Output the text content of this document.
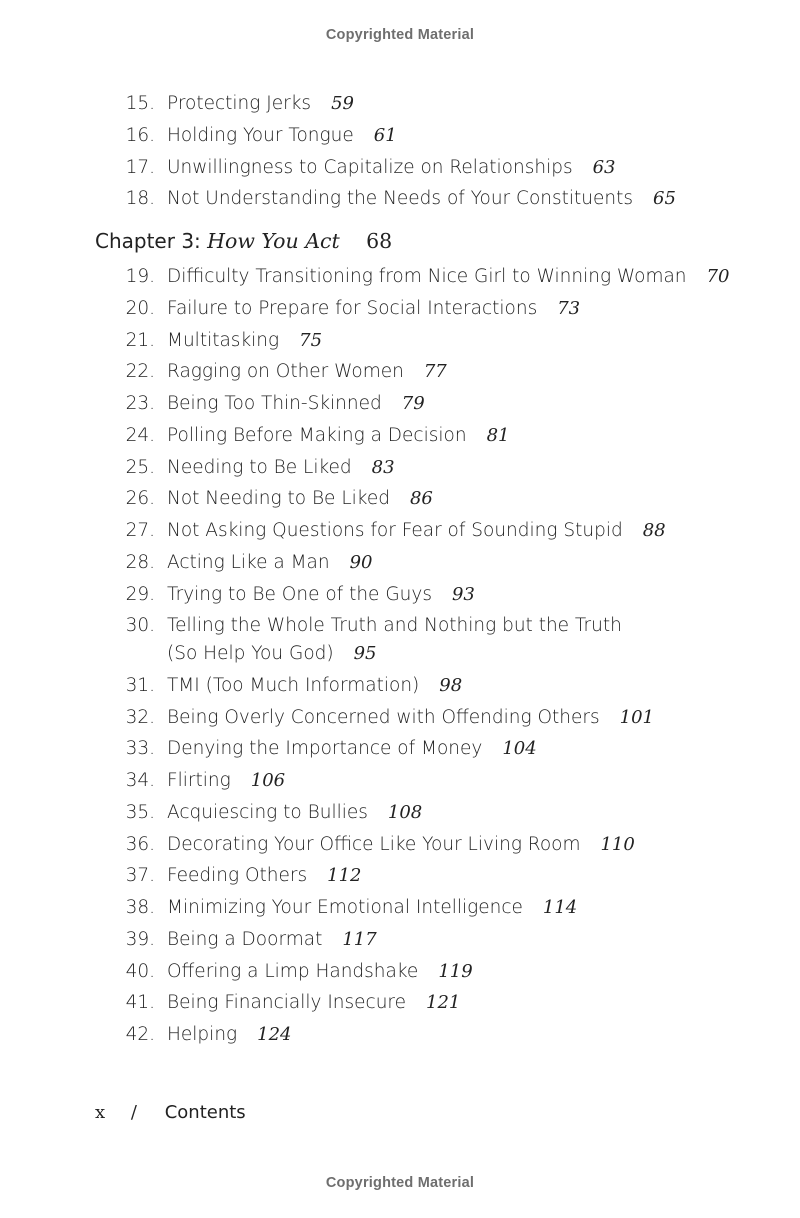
Copyrighted Material
15. Protecting Jerks 59
16. Holding Your Tongue 61
17. Unwillingness to Capitalize on Relationships 63
18. Not Understanding the Needs of Your Constituents 65
Chapter 3: How You Act 68
19. Difficulty Transitioning from Nice Girl to Winning Woman 70
20. Failure to Prepare for Social Interactions 73
21. Multitasking 75
22. Ragging on Other Women 77
23. Being Too Thin-Skinned 79
24. Polling Before Making a Decision 81
25. Needing to Be Liked 83
26. Not Needing to Be Liked 86
27. Not Asking Questions for Fear of Sounding Stupid 88
28. Acting Like a Man 90
29. Trying to Be One of the Guys 93
30. Telling the Whole Truth and Nothing but the Truth
(So Help You God) 95
31. TMI (Too Much Information) 98
32. Being Overly Concerned with Offending Others 101
33. Denying the Importance of Money 104
34. Flirting 106
35. Acquiescing to Bullies 108
36. Decorating Your Office Like Your Living Room 110
37. Feeding Others 112
38. Minimizing Your Emotional Intelligence 114
39. Being a Doormat 117
40. Offering a Limp Handshake 119
41. Being Financially Insecure 121
42. Helping 124
x / Contents
Copyrighted Material
